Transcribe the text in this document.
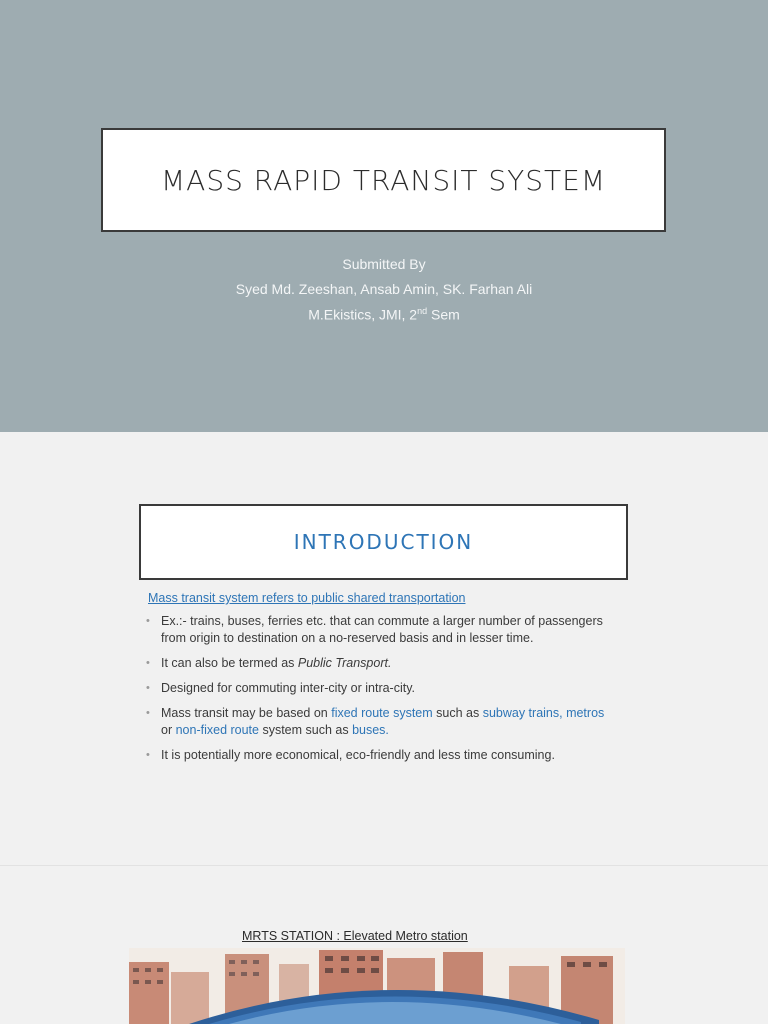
MASS RAPID TRANSIT SYSTEM
Submitted By
Syed Md. Zeeshan, Ansab Amin, SK. Farhan Ali
M.Ekistics, JMI, 2nd Sem
INTRODUCTION
Mass transit system refers to public shared transportation
• Ex.:- trains, buses, ferries etc. that can commute a larger number of passengers
from origin to destination on a no-reserved basis and in lesser time.
• It can also be termed as Public Transport.
• Designed for commuting inter-city or intra-city.
• Mass transit may be based on fixed route system such as subway trains, metros
or non-fixed route system such as buses.
• It is potentially more economical, eco-friendly and less time consuming.
MRTS STATION : Elevated Metro station
